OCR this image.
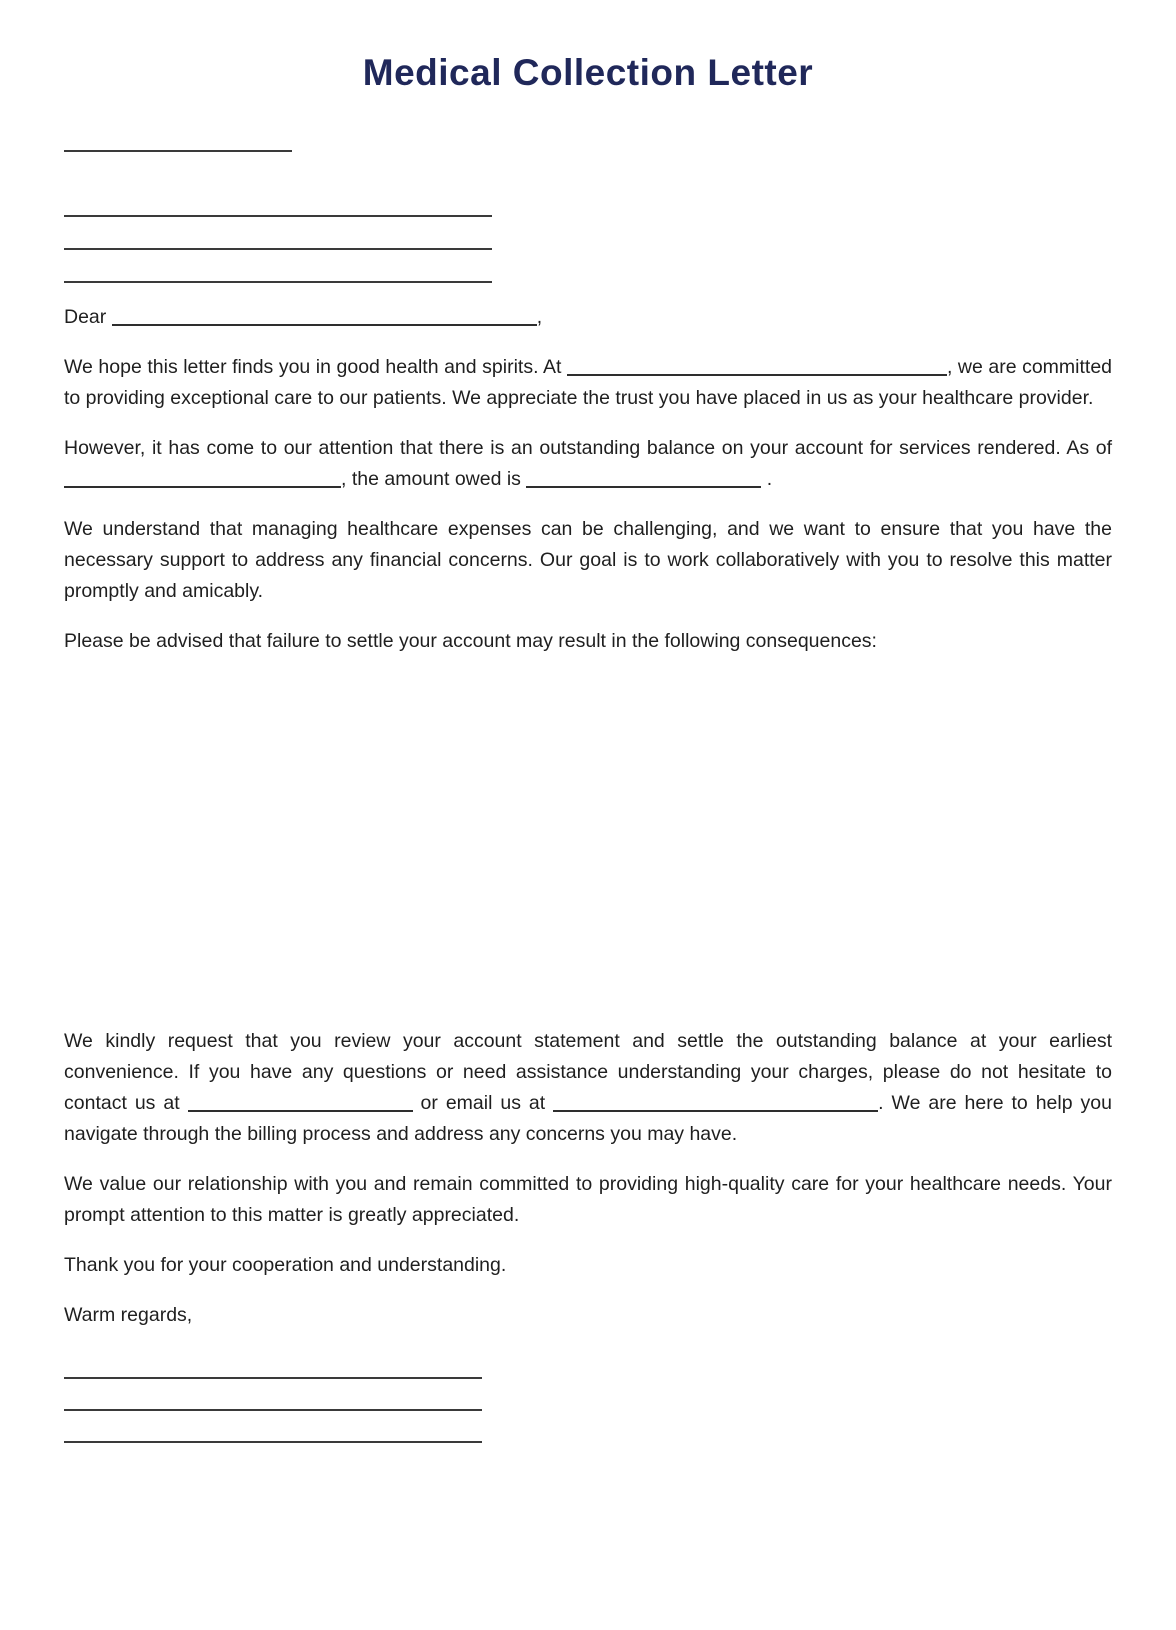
Medical Collection Letter

Dear	,

We hope this letter finds you in good health and spirits. At	, we are committed to providing exceptional care to our patients. We appreciate the trust you have placed in us as your healthcare provider.

However, it has come to our attention that there is an outstanding balance on your account for services rendered. As of , the amount owed is	.

We understand that managing healthcare expenses can be challenging, and we want to ensure that you have the necessary support to address any financial concerns. Our goal is to work collaboratively with you to resolve this matter promptly and amicably.

Please be advised that failure to settle your account may result in the following consequences:

We kindly request that you review your account statement and settle the outstanding balance at your earliest convenience. If you have any questions or need assistance understanding your charges, please do not hesitate to contact us at	or email us at	. We are here to help you navigate through the billing process and address any concerns you may have.

We value our relationship with you and remain committed to providing high-quality care for your healthcare needs. Your prompt attention to this matter is greatly appreciated.

Thank you for your cooperation and understanding.

Warm regards,
